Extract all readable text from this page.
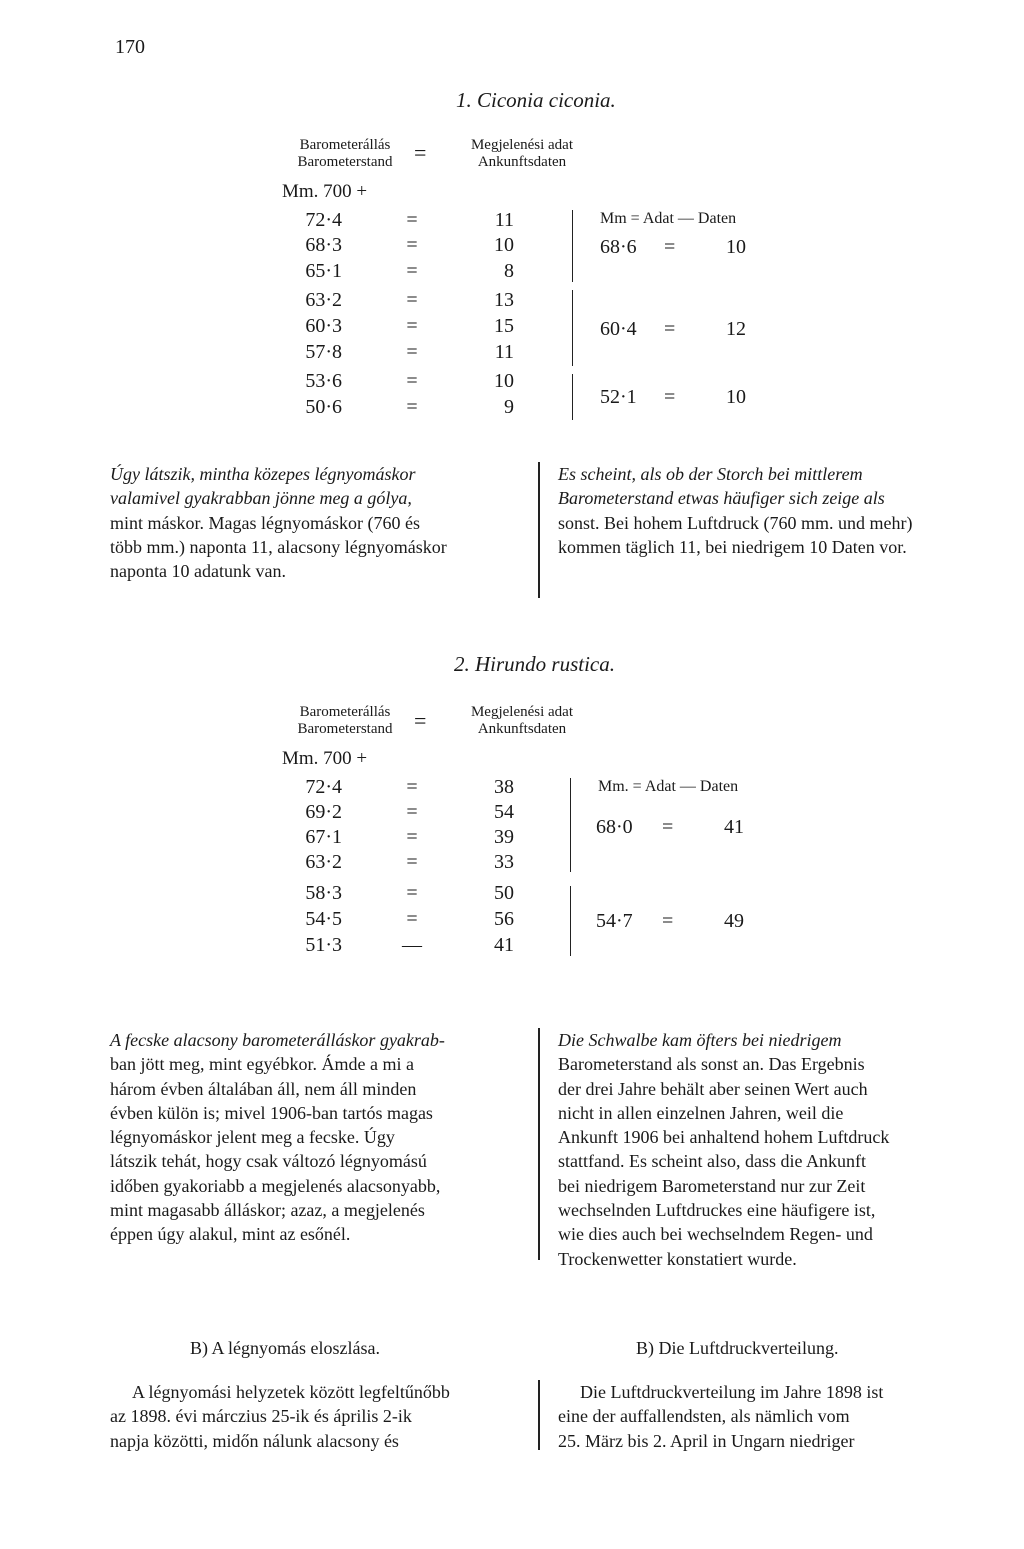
170
1. Ciconia ciconia.
Barometerállás
Barometerstand =	Megjelenési adat
Ankunftsdaten
Mm. 700 +
72·4	=	11
68·3	=	10
65·1	=	8
63·2	=	13
60·3	=	15
57·8	=	11
53·6	=	10
50·6	=	9
Mm = Adat — Daten
68·6 =	10
60·4 =	12
52·1 =	10
Úgy látszik, mintha közepes légnyomáskor
valamivel gyakrabban jönne meg a gólya,
mint máskor. Magas légnyomáskor (760 és
több mm.) naponta 11, alacsony légnyomáskor
naponta 10 adatunk van.
Es scheint, als ob der Storch bei mittlerem
Barometerstand etwas häufiger sich zeige als
sonst. Bei hohem Luftdruck (760 mm. und mehr)
kommen täglich 11, bei niedrigem 10 Daten vor.
2. Hirundo rustica.
Barometerállás
Barometerstand =	Megjelenési adat
Ankunftsdaten
Mm. 700 +
72·4	=	38
69·2	=	54
67·1	=	39
63·2	=	33
58·3	=	50
54·5	=	56
51·3	—	41
Mm. = Adat — Daten
68·0 =	41
54·7 =	49
A fecske alacsony barometerálláskor gyakrab-
ban jött meg, mint egyébkor. Ámde a mi a
három évben általában áll, nem áll minden
évben külön is; mivel 1906-ban tartós magas
légnyomáskor jelent meg a fecske. Úgy
látszik tehát, hogy csak változó légnyomású
időben gyakoriabb a megjelenés alacsonyabb,
mint magasabb álláskor; azaz, a megjelenés
éppen úgy alakul, mint az esőnél.
Die Schwalbe kam öfters bei niedrigem
Barometerstand als sonst an. Das Ergebnis
der drei Jahre behält aber seinen Wert auch
nicht in allen einzelnen Jahren, weil die
Ankunft 1906 bei anhaltend hohem Luftdruck
stattfand. Es scheint also, dass die Ankunft
bei niedrigem Barometerstand nur zur Zeit
wechselnden Luftdruckes eine häufigere ist,
wie dies auch bei wechselndem Regen- und
Trockenwetter konstatiert wurde.
B) A légnyomás eloszlása.	B) Die Luftdruckverteilung.
A légnyomási helyzetek között legfeltűnőbb
az 1898. évi márczius 25-ik és április 2-ik
napja közötti, midőn nálunk alacsony és
Die Luftdruckverteilung im Jahre 1898 ist
eine der auffallendsten, als nämlich vom
25. März bis 2. April in Ungarn niedriger
